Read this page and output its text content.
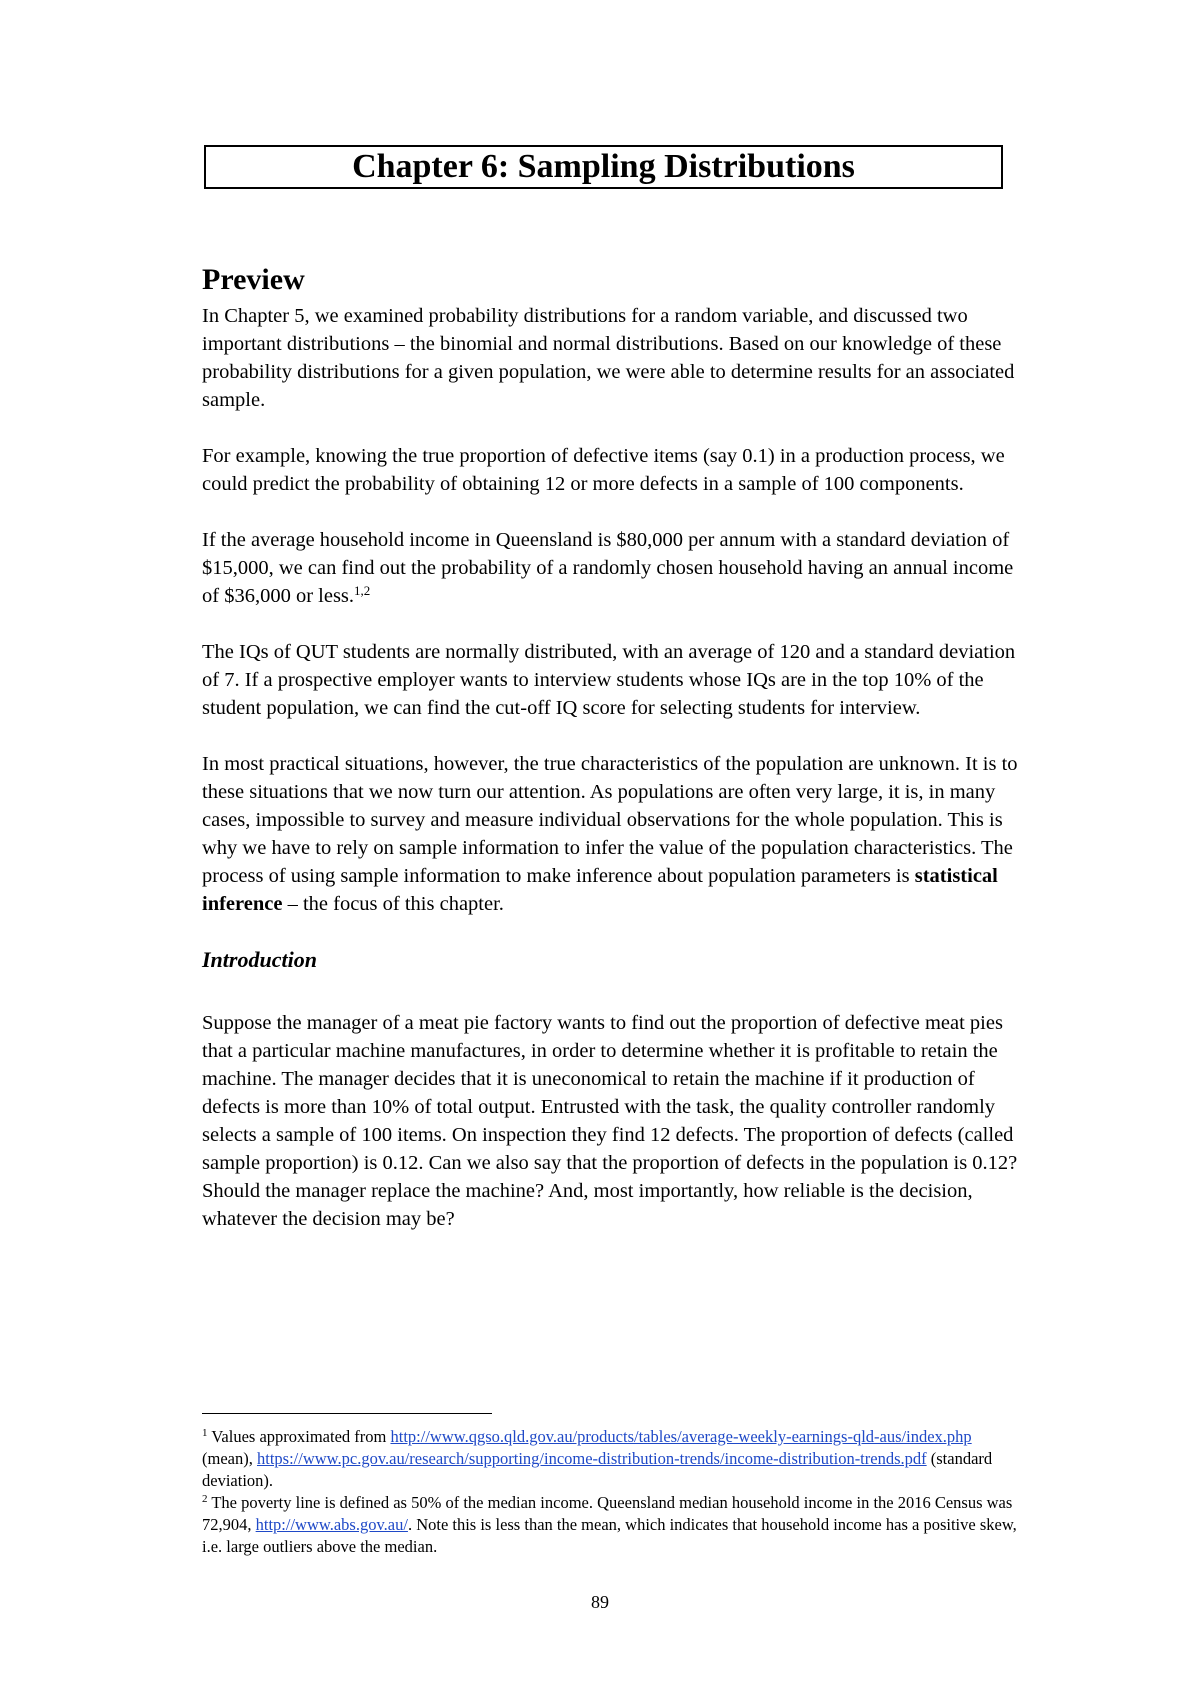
Chapter 6: Sampling Distributions
Preview

In Chapter 5, we examined probability distributions for a random variable, and discussed two important distributions – the binomial and normal distributions. Based on our knowledge of these probability distributions for a given population, we were able to determine results for an associated sample.

For example, knowing the true proportion of defective items (say 0.1) in a production process, we could predict the probability of obtaining 12 or more defects in a sample of 100 components.

If the average household income in Queensland is $80,000 per annum with a standard deviation of $15,000, we can find out the probability of a randomly chosen household having an annual income of $36,000 or less.$^{1,2}$

The IQs of QUT students are normally distributed, with an average of 120 and a standard deviation of 7. If a prospective employer wants to interview students whose IQs are in the top 10% of the student population, we can find the cut-off IQ score for selecting students for interview.

In most practical situations, however, the true characteristics of the population are unknown. It is to these situations that we now turn our attention. As populations are often very large, it is, in many cases, impossible to survey and measure individual observations for the whole population. This is why we have to rely on sample information to infer the value of the population characteristics. The process of using sample information to make inference about population parameters is statistical inference – the focus of this chapter.

Introduction

Suppose the manager of a meat pie factory wants to find out the proportion of defective meat pies that a particular machine manufactures, in order to determine whether it is profitable to retain the machine. The manager decides that it is uneconomical to retain the machine if it production of defects is more than 10% of total output. Entrusted with the task, the quality controller randomly selects a sample of 100 items. On inspection they find 12 defects. The proportion of defects (called sample proportion) is 0.12. Can we also say that the proportion of defects in the population is 0.12? Should the manager replace the machine? And, most importantly, how reliable is the decision, whatever the decision may be?

$^1$ Values approximated from http://www.qgso.qld.gov.au/products/tables/average-weekly-earnings-qld-aus/index.php (mean), https://www.pc.gov.au/research/supporting/income-distribution-trends/income-distribution-trends.pdf (standard deviation).

$^2$ The poverty line is defined as 50% of the median income. Queensland median household income in the 2016 Census was 72,904, http://www.abs.gov.au/. Note this is less than the mean, which indicates that household income has a positive skew, i.e. large outliers above the median.

89
